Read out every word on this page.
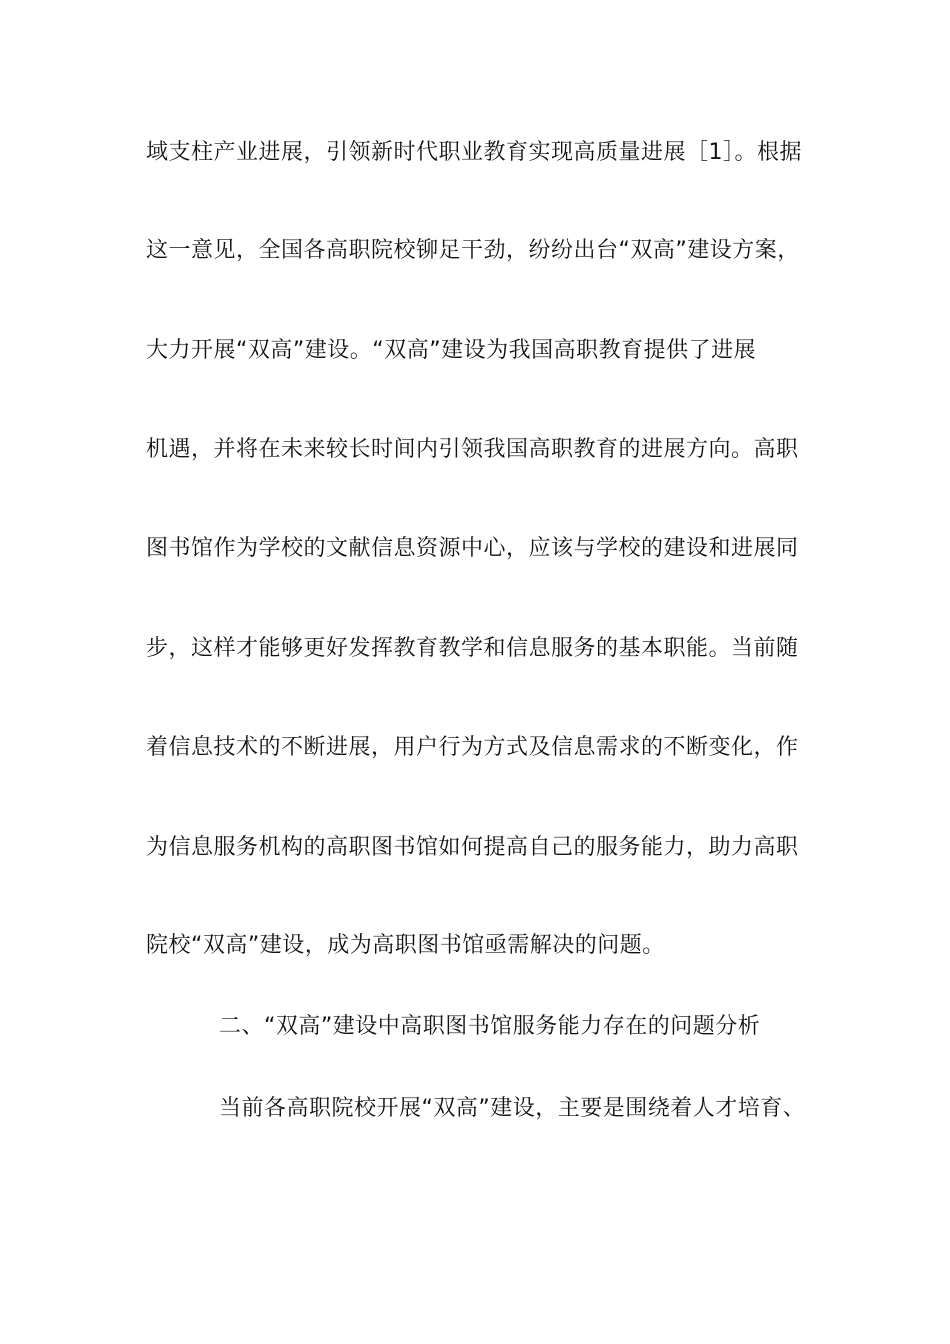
域支柱产业进展，引领新时代职业教育实现高质量进展［1］。根据
这一意见，全国各高职院校铆足干劲，纷纷出台“双高”建设方案，
大力开展“双高”建设。“双高”建设为我国高职教育提供了进展
机遇，并将在未来较长时间内引领我国高职教育的进展方向。高职
图书馆作为学校的文献信息资源中心，应该与学校的建设和进展同
步，这样才能够更好发挥教育教学和信息服务的基本职能。当前随
着信息技术的不断进展，用户行为方式及信息需求的不断变化，作
为信息服务机构的高职图书馆如何提高自己的服务能力，助力高职
院校“双高”建设，成为高职图书馆亟需解决的问题。
二、“双高”建设中高职图书馆服务能力存在的问题分析
当前各高职院校开展“双高”建设，主要是围绕着人才培育、
